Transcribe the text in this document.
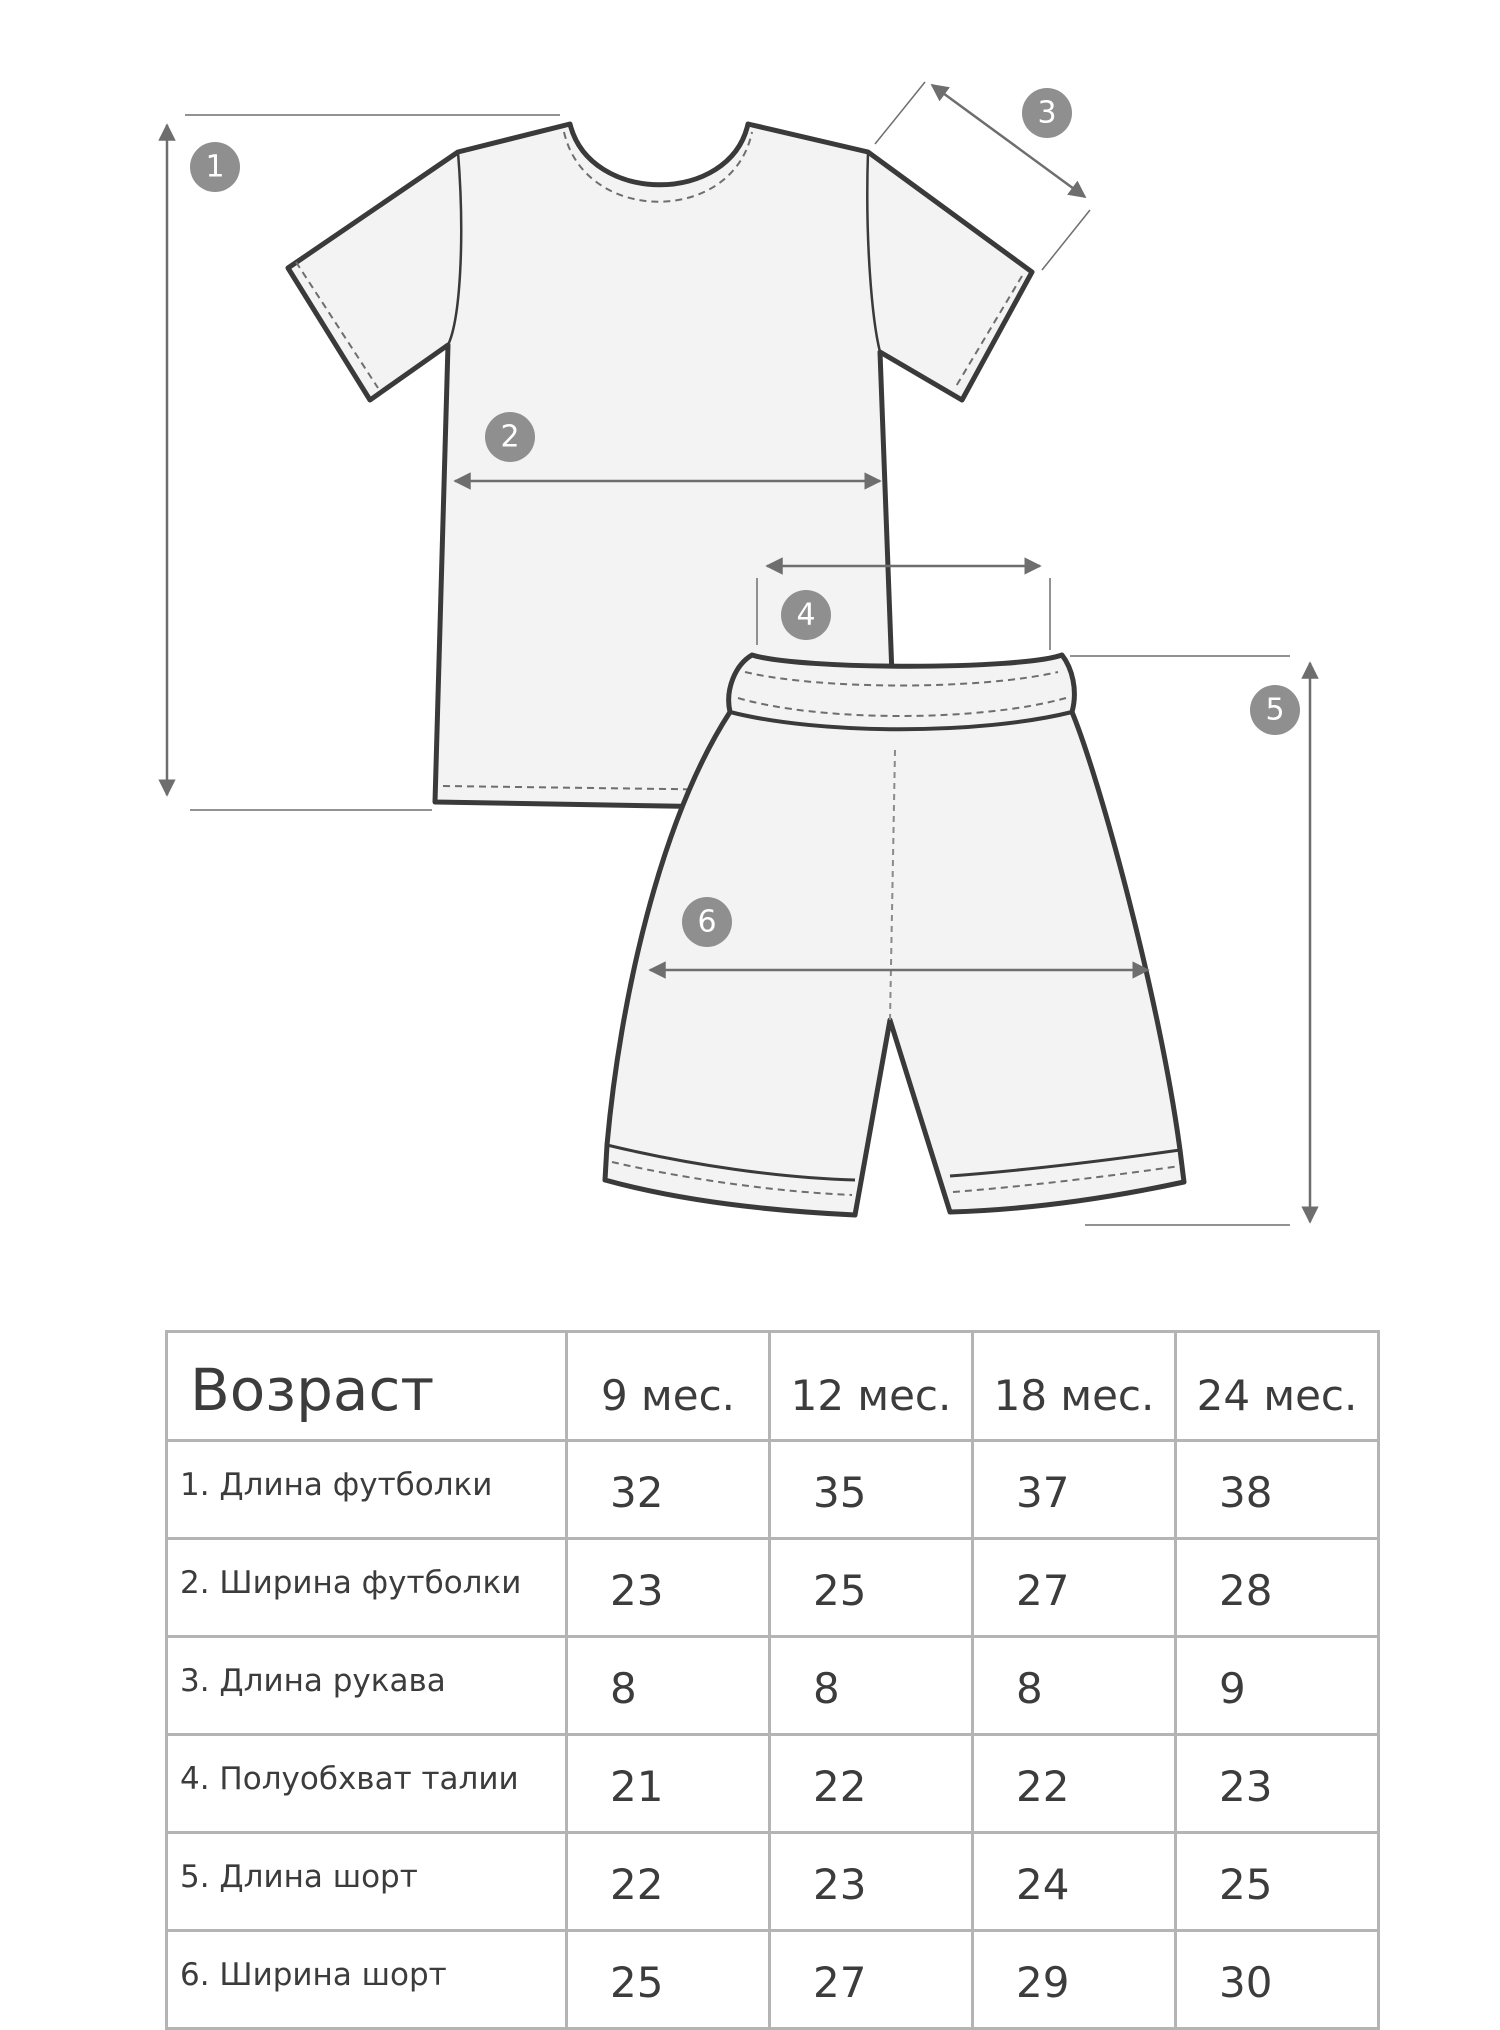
1
2
3
4
5
6
Возраст	9 мес.	12 мес.	18 мес.	24 мес.
1. Длина футболки	32	35	37	38
2. Ширина футболки	23	25	27	28
3. Длина рукава	8	8	8	9
4. Полуобхват талии	21	22	22	23
5. Длина шорт	22	23	24	25
6. Ширина шорт	25	27	29	30
